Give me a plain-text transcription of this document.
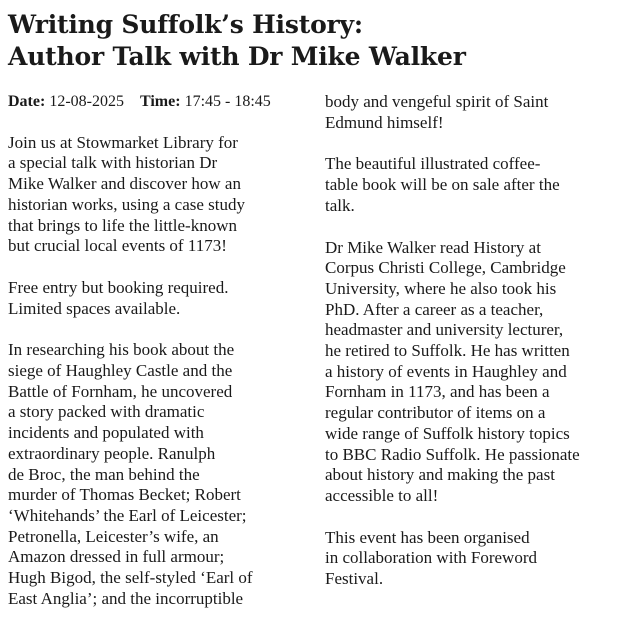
Writing Suffolk’s History:
Author Talk with Dr Mike Walker
Date: 12-08-2025 Time: 17:45 - 18:45
Join us at Stowmarket Library for
a special talk with historian Dr
Mike Walker and discover how an
historian works, using a case study
that brings to life the little-known
but crucial local events of 1173!
Free entry but booking required.
Limited spaces available.
In researching his book about the
siege of Haughley Castle and the
Battle of Fornham, he uncovered
a story packed with dramatic
incidents and populated with
extraordinary people. Ranulph
de Broc, the man behind the
murder of Thomas Becket; Robert
‘Whitehands’ the Earl of Leicester;
Petronella, Leicester’s wife, an
Amazon dressed in full armour;
Hugh Bigod, the self-styled ‘Earl of
East Anglia’; and the incorruptible
body and vengeful spirit of Saint
Edmund himself!
The beautiful illustrated coffee-
table book will be on sale after the
talk.
Dr Mike Walker read History at
Corpus Christi College, Cambridge
University, where he also took his
PhD. After a career as a teacher,
headmaster and university lecturer,
he retired to Suffolk. He has written
a history of events in Haughley and
Fornham in 1173, and has been a
regular contributor of items on a
wide range of Suffolk history topics
to BBC Radio Suffolk. He passionate
about history and making the past
accessible to all!
This event has been organised
in collaboration with Foreword
Festival.
